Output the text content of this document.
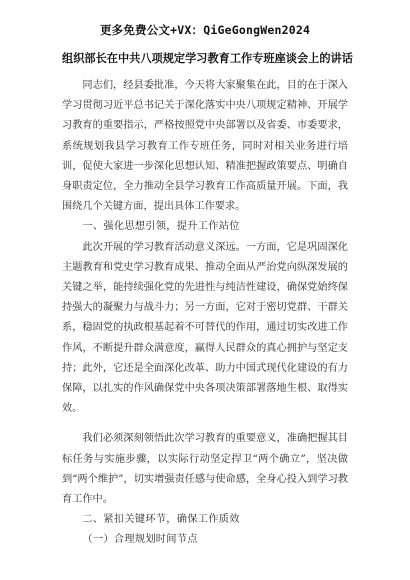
更多免费公文+VX：QiGeGongWen2024
组织部长在中共八项规定学习教育工作专班座谈会上的讲话

同志们，经县委批准，今天将大家聚集在此，目的在于深入学习贯彻习近平总书记关于深化落实中央八项规定精神、开展学习教育的重要指示，严格按照党中央部署以及省委、市委要求，系统规划我县学习教育工作专班任务，同时对相关业务进行培训，促使大家进一步深化思想认知、精准把握政策要点、明确自身职责定位，全力推动全县学习教育工作高质量开展。下面，我围绕几个关键方面，提出具体工作要求。

一、强化思想引领，提升工作站位

此次开展的学习教育活动意义深远。一方面，它是巩固深化主题教育和党史学习教育成果、推动全面从严治党向纵深发展的关键之举，能持续强化党的先进性与纯洁性建设，确保党始终保持强大的凝聚力与战斗力；另一方面，它对于密切党群、干群关系，稳固党的执政根基起着不可替代的作用，通过切实改进工作作风，不断提升群众满意度，赢得人民群众的真心拥护与坚定支持；此外，它还是全面深化改革、助力中国式现代化建设的有力保障，以扎实的作风确保党中央各项决策部署落地生根、取得实效。

我们必须深刻领悟此次学习教育的重要意义，准确把握其目标任务与实施步骤，以实际行动坚定捍卫“两个确立”，坚决做到“两个维护”，切实增强责任感与使命感，全身心投入到学习教育工作中。

二、紧扣关键环节，确保工作质效

（一）合理规划时间节点
